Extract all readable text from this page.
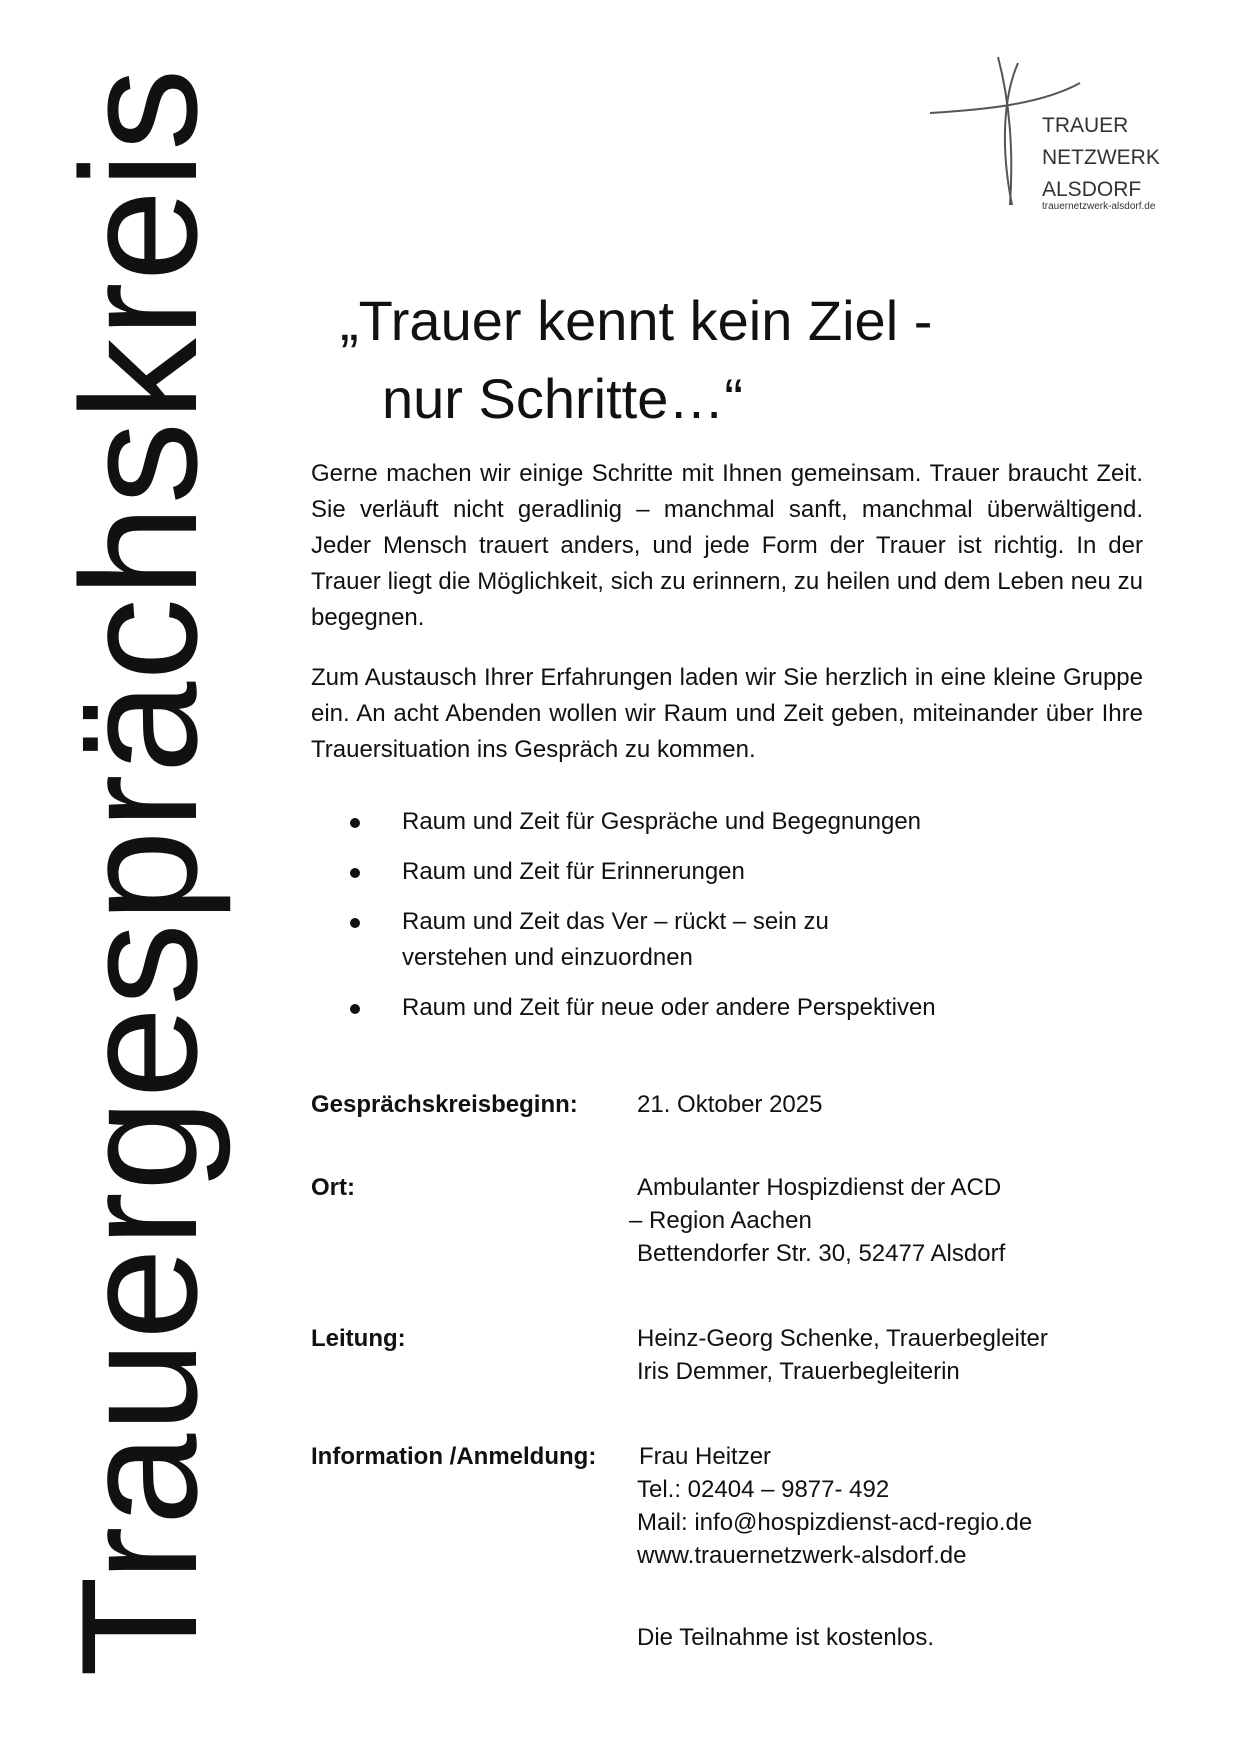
Trauergesprächskreis	TRAUER
NETZWERK
ALSDORF
trauernetzwerk-alsdorf.de
„Trauer kennt kein Ziel -
nur Schritte…“

Gerne machen wir einige Schritte mit Ihnen gemeinsam. Trauer braucht Zeit. Sie verläuft nicht geradlinig – manchmal sanft, manchmal überwältigend. Jeder Mensch trauert anders, und jede Form der Trauer ist richtig. In der Trauer liegt die Möglichkeit, sich zu erinnern, zu heilen und dem Leben neu zu begegnen.

Zum Austausch Ihrer Erfahrungen laden wir Sie herzlich in eine kleine Gruppe ein. An acht Abenden wollen wir Raum und Zeit geben, miteinander über Ihre Trauersituation ins Gespräch zu kommen.

Raum und Zeit für Gespräche und Begegnungen
Raum und Zeit für Erinnerungen
Raum und Zeit das Ver – rückt – sein zu verstehen und einzuordnen
Raum und Zeit für neue oder andere Perspektiven
Gesprächskreisbeginn: 21. Oktober 2025
Ort:	Ambulanter Hospizdienst der ACD
– Region Aachen
Bettendorfer Str. 30, 52477 Alsdorf
Leitung:	Heinz-Georg Schenke, Trauerbegleiter
Iris Demmer, Trauerbegleiterin
Information /Anmeldung: Frau Heitzer
Tel.: 02404 – 9877- 492
Mail: info@hospizdienst-acd-regio.de
www.trauernetzwerk-alsdorf.de
Die Teilnahme ist kostenlos.
